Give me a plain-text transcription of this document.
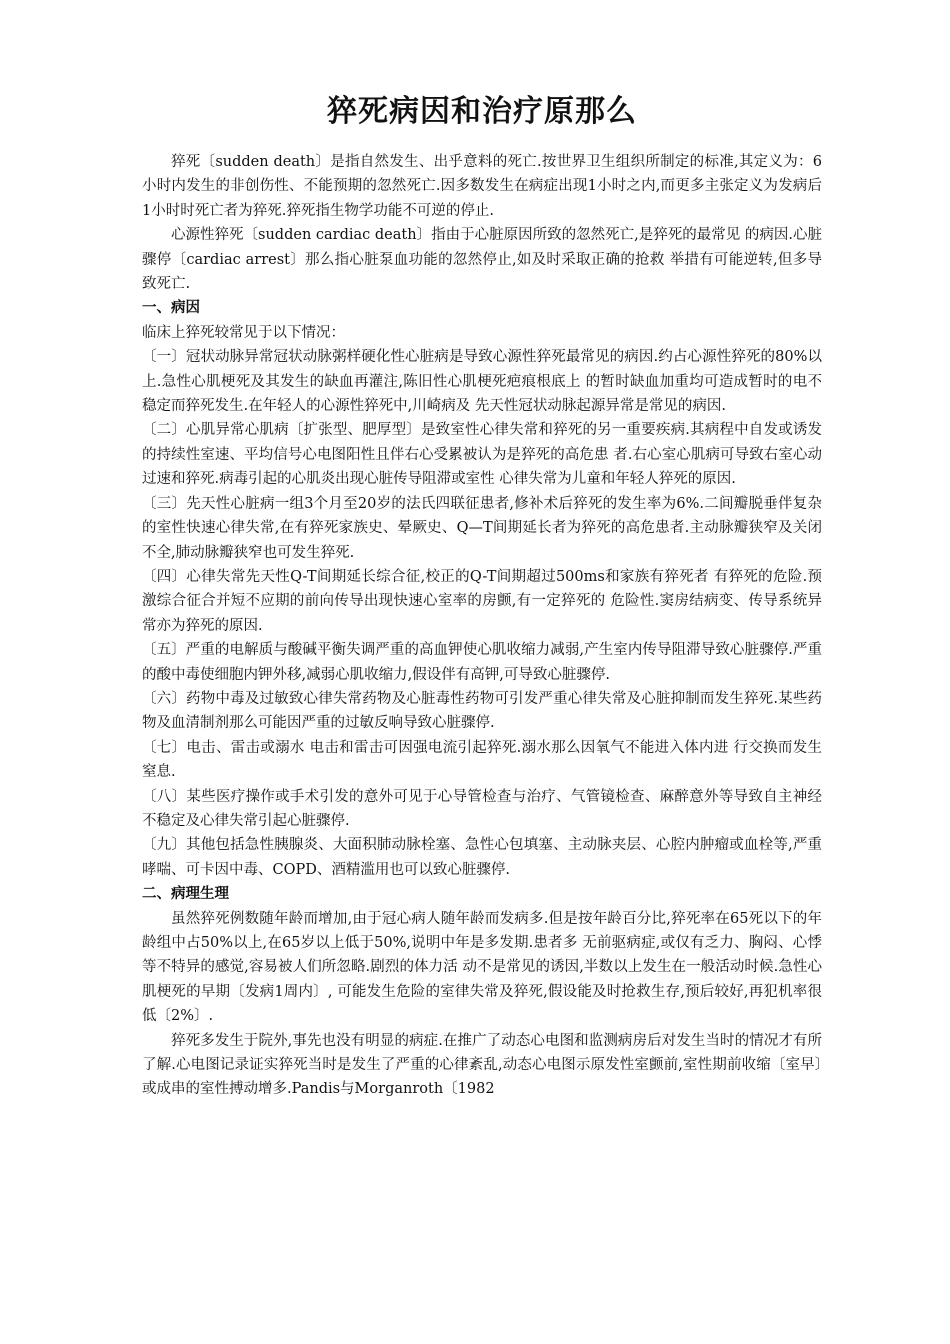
猝死病因和治疗原那么

猝死〔sudden death〕是指自然发生、出乎意料的死亡.按世界卫生组织所制定的标准,其定义为：6小时内发生的非创伤性、不能预期的忽然死亡.因多数发生在病症出现1小时之内,而更多主张定义为发病后1小时时死亡者为猝死.猝死指生物学功能不可逆的停止.

心源性猝死〔sudden cardiac death〕指由于心脏原因所致的忽然死亡,是猝死的最常见 的病因.心脏骤停〔cardiac arrest〕那么指心脏泵血功能的忽然停止,如及时采取正确的抢救 举措有可能逆转,但多导致死亡.

一、病因

临床上猝死较常见于以下情况：

〔一〕冠状动脉异常冠状动脉粥样硬化性心脏病是导致心源性猝死最常见的病因.约占心源性猝死的80%以上.急性心肌梗死及其发生的缺血再灌注,陈旧性心肌梗死疤痕根底上 的暂时缺血加重均可造成暂时的电不稳定而猝死发生.在年轻人的心源性猝死中,川崎病及 先天性冠状动脉起源异常是常见的病因.

〔二〕心肌异常心肌病〔扩张型、肥厚型〕是致室性心律失常和猝死的另一重要疾病.其病程中自发或诱发的持续性室速、平均信号心电图阳性且伴右心受累被认为是猝死的高危患 者.右心室心肌病可导致右室心动过速和猝死.病毒引起的心肌炎出现心脏传导阻滞或室性 心律失常为儿童和年轻人猝死的原因.

〔三〕先天性心脏病一组3个月至20岁的法氏四联征患者,修补术后猝死的发生率为6%.二间瓣脱垂伴复杂的室性快速心律失常,在有猝死家族史、晕厥史、Q—T间期延长者为猝死的高危患者.主动脉瓣狭窄及关闭不全,肺动脉瓣狭窄也可发生猝死.

〔四〕心律失常先天性Q-T间期延长综合征,校正的Q-T间期超过500ms和家族有猝死者 有猝死的危险.预激综合征合并短不应期的前向传导出现快速心室率的房颤,有一定猝死的 危险性.窦房结病变、传导系统异常亦为猝死的原因.

〔五〕严重的电解质与酸碱平衡失调严重的高血钾使心肌收缩力减弱,产生室内传导阻滞导致心脏骤停.严重的酸中毒使细胞内钾外移,减弱心肌收缩力,假设伴有高钾,可导致心脏骤停.

〔六〕药物中毒及过敏致心律失常药物及心脏毒性药物可引发严重心律失常及心脏抑制而发生猝死.某些药物及血清制剂那么可能因严重的过敏反响导致心脏骤停.

〔七〕电击、雷击或溺水 电击和雷击可因强电流引起猝死.溺水那么因氧气不能进入体内进 行交换而发生窒息.

〔八〕某些医疗操作或手术引发的意外可见于心导管检查与治疗、气管镜检查、麻醉意外等导致自主神经不稳定及心律失常引起心脏骤停.

〔九〕其他包括急性胰腺炎、大面积肺动脉栓塞、急性心包填塞、主动脉夹层、心腔内肿瘤或血栓等,严重哮喘、可卡因中毒、COPD、酒精滥用也可以致心脏骤停.

二、病理生理

虽然猝死例数随年龄而增加,由于冠心病人随年龄而发病多.但是按年龄百分比,猝死率在65死以下的年龄组中占50%以上,在65岁以上低于50%,说明中年是多发期.患者多 无前驱病症,或仅有乏力、胸闷、心悸等不特异的感觉,容易被人们所忽略.剧烈的体力活 动不是常见的诱因,半数以上发生在一般活动时候.急性心肌梗死的早期〔发病1周内〕, 可能发生危险的室律失常及猝死,假设能及时抢救生存,预后较好,再犯机率很低〔2%〕.

猝死多发生于院外,事先也没有明显的病症.在推广了动态心电图和监测病房后对发生当时的情况才有所了解.心电图记录证实猝死当时是发生了严重的心律紊乱,动态心电图示原发性室颤前,室性期前收缩〔室早〕或成串的室性搏动增多.Pandis与Morganroth〔1982
